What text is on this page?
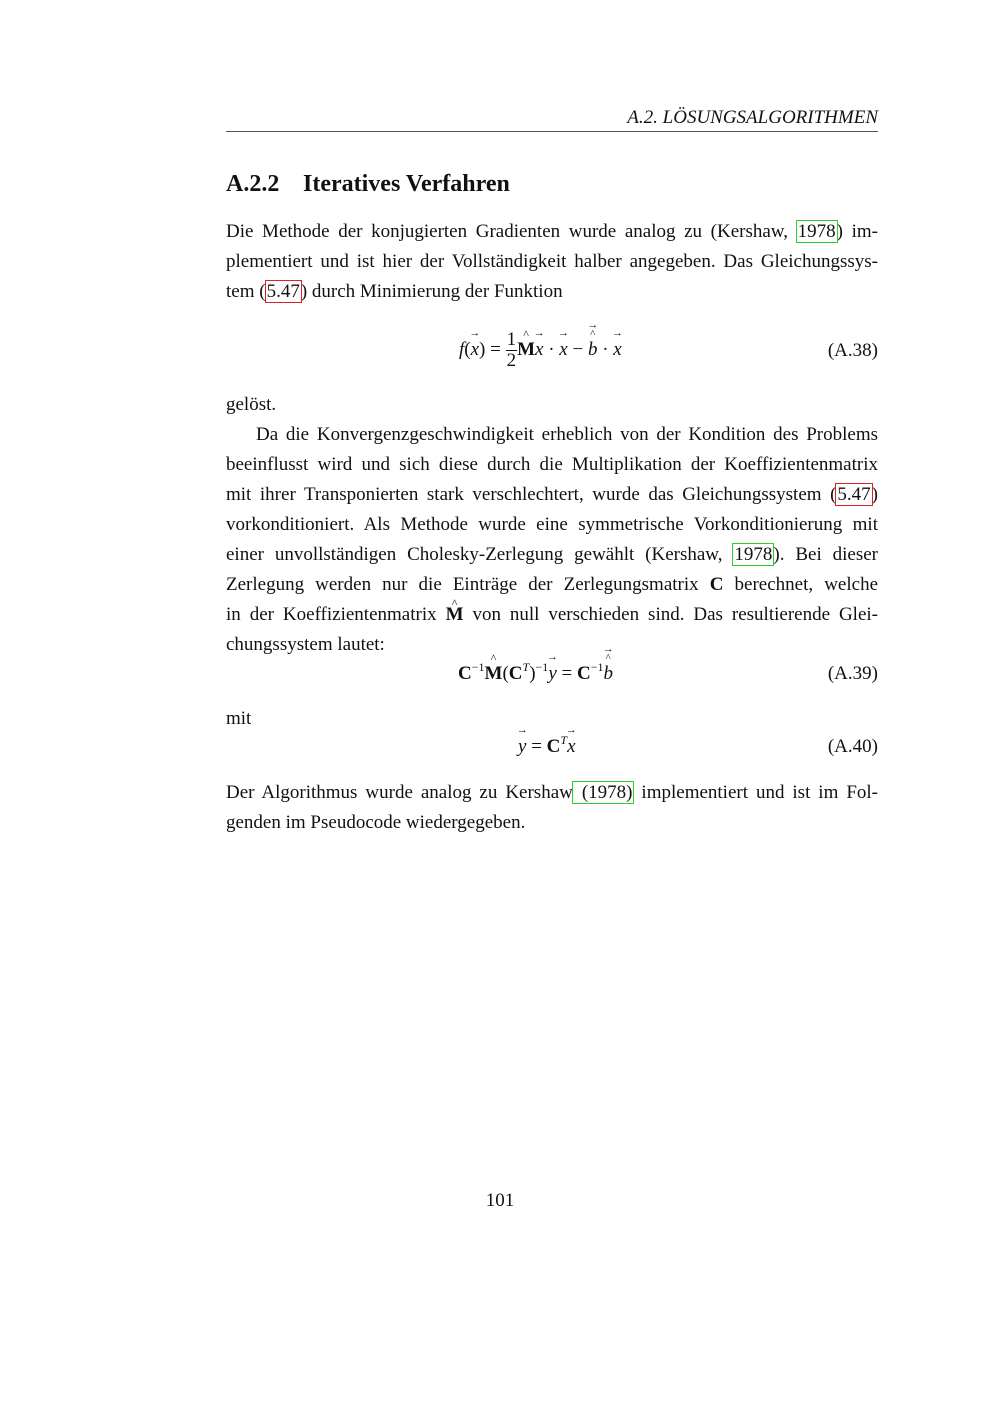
A.2. LÖSUNGSALGORITHMEN
A.2.2 Iteratives Verfahren
Die Methode der konjugierten Gradienten wurde analog zu (Kershaw, 1978) im-
plementiert und ist hier der Vollständigkeit halber angegeben. Das Gleichungssys-
tem (5.47) durch Minimierung der Funktion
$f(\to x) = \frac{1}{2}$ ^ M→ x · → x − → b ^ · → x	(A.38)
gelöst.
Da die Konvergenzgeschwindigkeit erheblich von der Kondition des Problems
beeinflusst wird und sich diese durch die Multiplikation der Koeffizientenmatrix
mit ihrer Transponierten stark verschlechtert, wurde das Gleichungssystem (5.47)
vorkonditioniert. Als Methode wurde eine symmetrische Vorkonditionierung mit
einer unvollständigen Cholesky-Zerlegung gewählt (Kershaw, 1978). Bei dieser
Zerlegung werden nur die Einträge der Zerlegungsmatrix C berechnet, welche
in der Koeffizientenmatrix ^ M von null verschieden sind. Das resultierende Glei-
chungssystem lautet:
$C^{-1}\^{}$ $M(C^T)^{-1}\to y = C^{-1}\to b$ ^	(A.39)
mit
→ $y = C^T\to x$	(A.40)
Der Algorithmus wurde analog zu Kershaw (1978) implementiert und ist im Fol-
genden im Pseudocode wiedergegeben.
101
